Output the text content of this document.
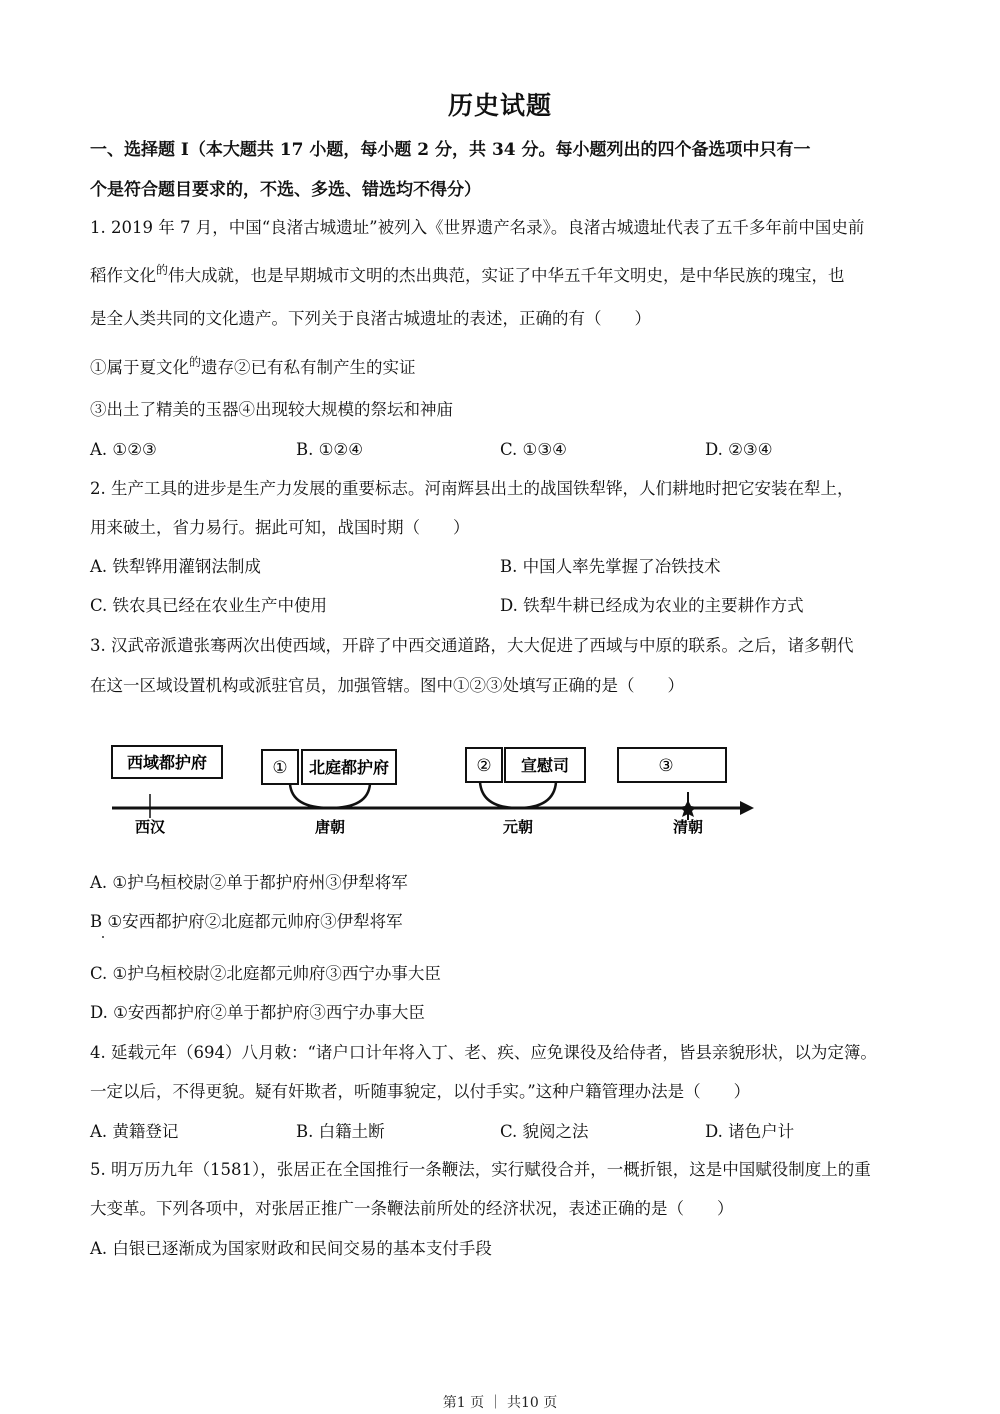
历史试题
一、选择题 I（本大题共 17 小题，每小题 2 分，共 34 分。每小题列出的四个备选项中只有一
个是符合题目要求的，不选、多选、错选均不得分）
1. 2019 年 7 月，中国“良渚古城遗址”被列入《世界遗产名录》。良渚古城遗址代表了五千多年前中国史前
稻作文化$^的$伟大成就，也是早期城市文明的杰出典范，实证了中华五千年文明史，是中华民族的瑰宝，也
是全人类共同的文化遗产。下列关于良渚古城遗址的表述，正确的有（　　）
①属于夏文化$^的$遗存②已有私有制产生的实证
③出土了精美的玉器④出现较大规模的祭坛和神庙
A. ①②③	B. ①②④	C. ①③④	D. ②③④
2. 生产工具的进步是生产力发展的重要标志。河南辉县出土的战国铁犁铧，人们耕地时把它安装在犁上，
用来破土，省力易行。据此可知，战国时期（　　）
A. 铁犁铧用灌钢法制成	B. 中国人率先掌握了冶铁技术
C. 铁农具已经在农业生产中使用	D. 铁犁牛耕已经成为农业的主要耕作方式
3. 汉武帝派遣张骞两次出使西域，开辟了中西交通道路，大大促进了西域与中原的联系。之后，诸多朝代
在这一区域设置机构或派驻官员，加强管辖。图中①②③处填写正确的是（　　）
西域都护府	① 北庭都护府	② 宣慰司	③
西汉	唐朝	元朝	清朝
A. ①护乌桓校尉②单于都护府州③伊犁将军
B ①安西都护府②北庭都元帅府③伊犁将军
C. ①护乌桓校尉②北庭都元帅府③西宁办事大臣
D. ①安西都护府②单于都护府③西宁办事大臣
4. 延载元年（694）八月敕：“诸户口计年将入丁、老、疾、应免课役及给侍者，皆县亲貌形状，以为定簿。
一定以后，不得更貌。疑有奸欺者，听随事貌定，以付手实。”这种户籍管理办法是（　　）
A. 黄籍登记	B. 白籍土断	C. 貌阅之法	D. 诸色户计
5. 明万历九年（1581），张居正在全国推行一条鞭法，实行赋役合并，一概折银，这是中国赋役制度上的重
大变革。下列各项中，对张居正推广一条鞭法前所处的经济状况，表述正确的是（　　）
A. 白银已逐渐成为国家财政和民间交易的基本支付手段
第1 页 ｜ 共10 页
